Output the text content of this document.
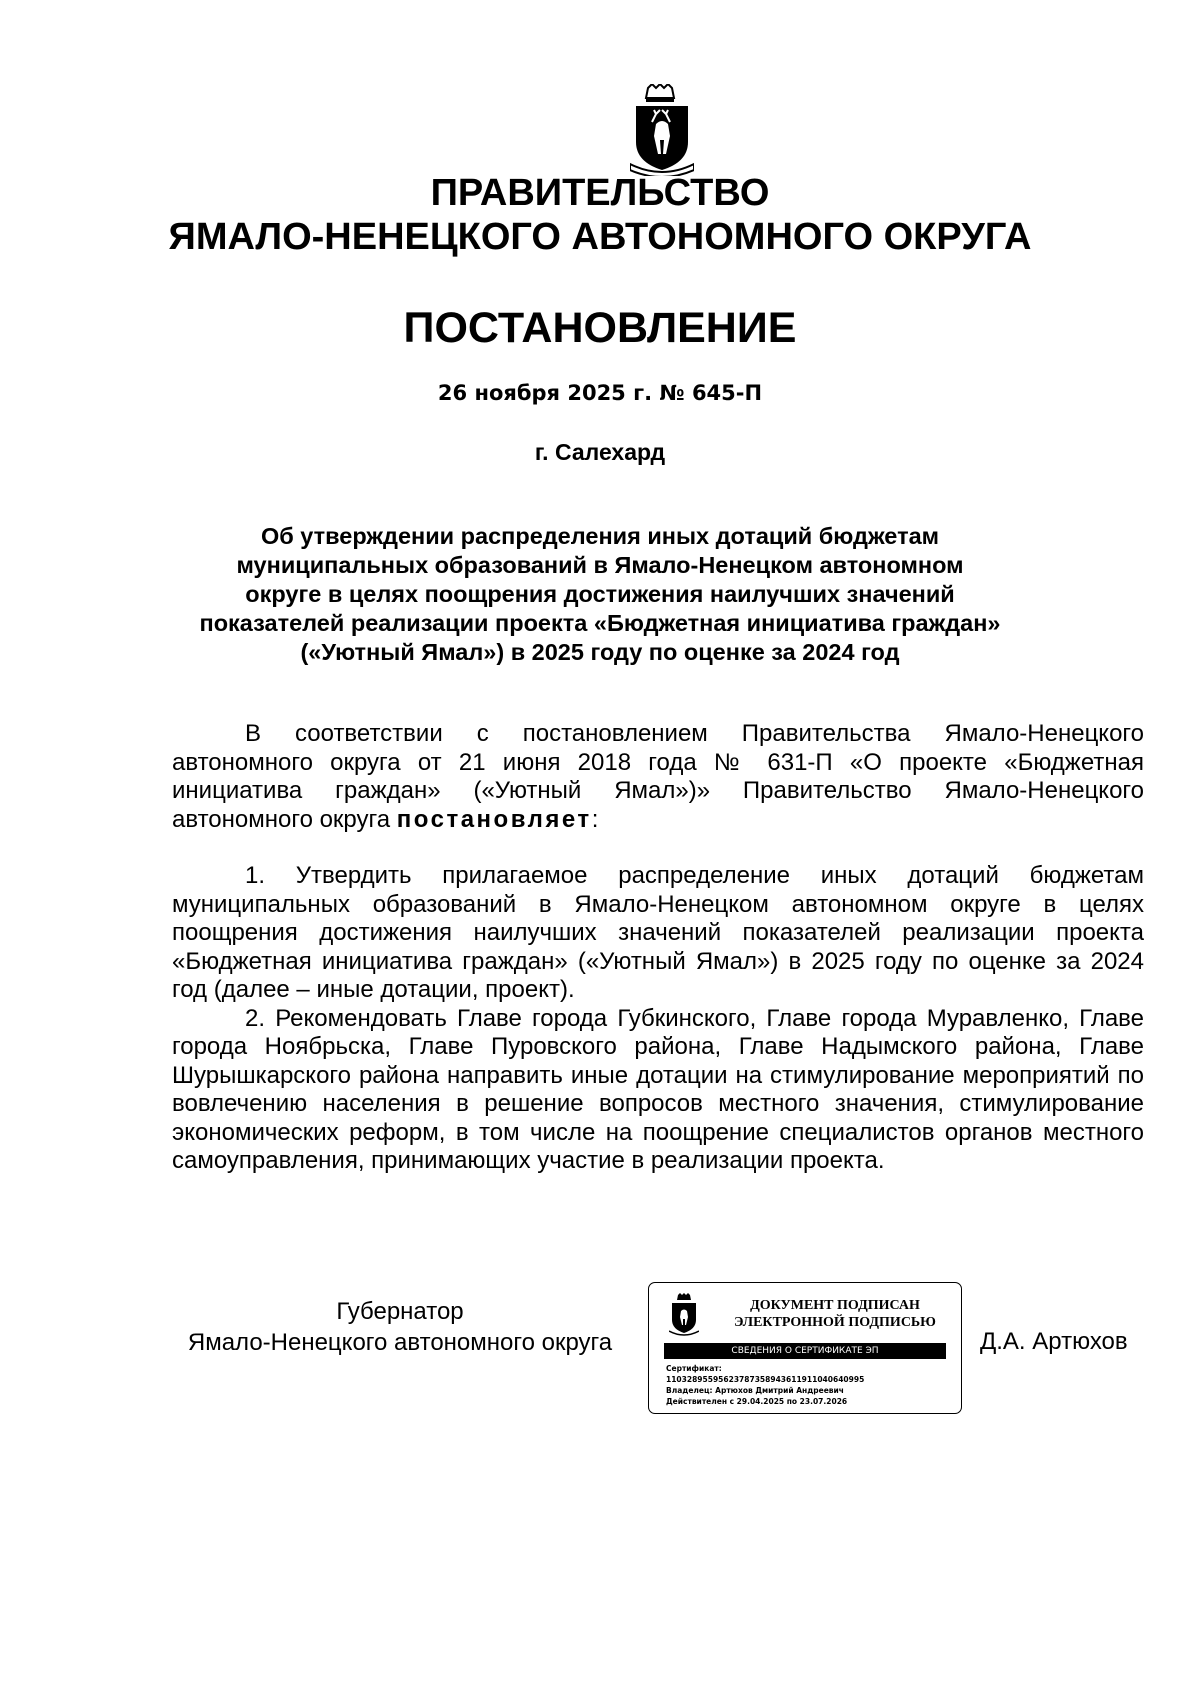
ПРАВИТЕЛЬСТВО
ЯМАЛО-НЕНЕЦКОГО АВТОНОМНОГО ОКРУГА
ПОСТАНОВЛЕНИЕ
26 ноября 2025 г. № 645-П
г. Салехард
Об утверждении распределения иных дотаций бюджетам
муниципальных образований в Ямало-Ненецком автономном
округе в целях поощрения достижения наилучших значений
показателей реализации проекта «Бюджетная инициатива граждан»
(«Уютный Ямал») в 2025 году по оценке за 2024 год

В соответствии с постановлением Правительства Ямало-Ненецкого автономного округа от 21 июня 2018 года № 631-П «О проекте «Бюджетная инициатива граждан» («Уютный Ямал»)» Правительство Ямало-Ненецкого автономного округа постановляет:

1. Утвердить прилагаемое распределение иных дотаций бюджетам муниципальных образований в Ямало-Ненецком автономном округе в целях поощрения достижения наилучших значений показателей реализации проекта «Бюджетная инициатива граждан» («Уютный Ямал») в 2025 году по оценке за 2024 год (далее – иные дотации, проект).

2. Рекомендовать Главе города Губкинского, Главе города Муравленко, Главе города Ноябрьска, Главе Пуровского района, Главе Надымского района, Главе Шурышкарского района направить иные дотации на стимулирование мероприятий по вовлечению населения в решение вопросов местного значения, стимулирование экономических реформ, в том числе на поощрение специалистов органов местного самоуправления, принимающих участие в реализации проекта.

Губернатор
Ямало-Ненецкого автономного округа
ДОКУМЕНТ ПОДПИСАН
ЭЛЕКТРОННОЙ ПОДПИСЬЮ
СВЕДЕНИЯ О СЕРТИФИКАТЕ ЭП
Сертификат:
11032895595623787358943611911040640995
Владелец: Артюхов Дмитрий Андреевич
Действителен с 29.04.2025 по 23.07.2026
Д.А. Артюхов
